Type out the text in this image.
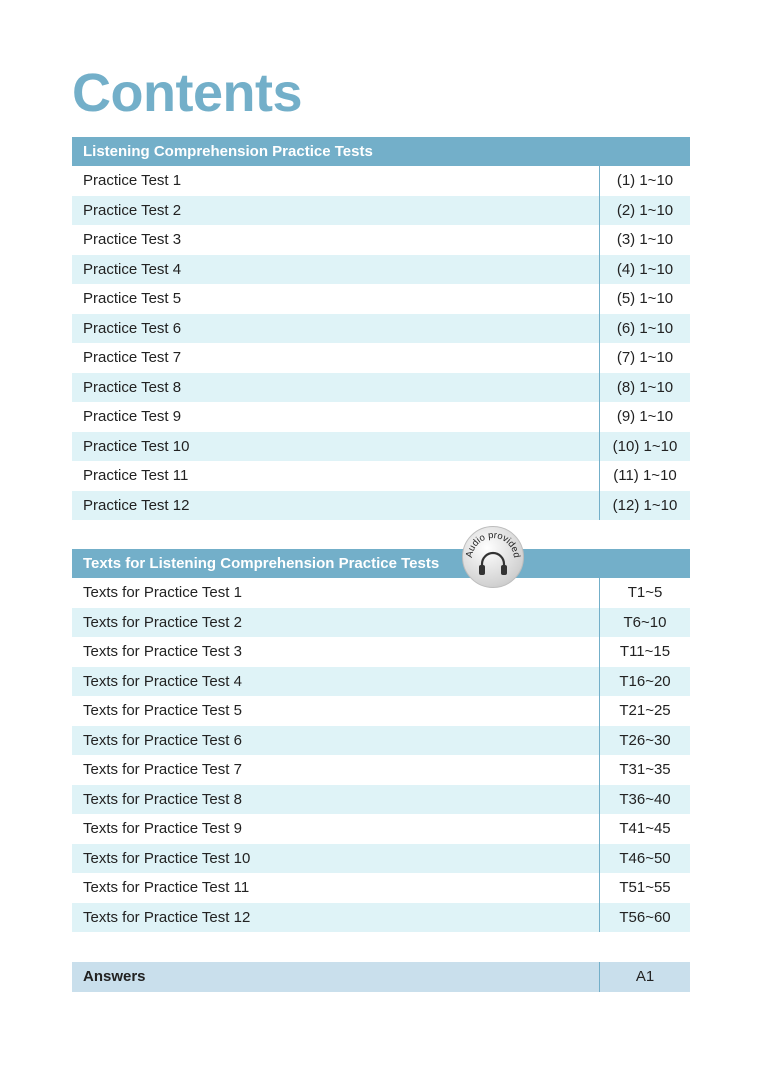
Contents
Listening Comprehension Practice Tests
Practice Test 1	(1) 1~10
Practice Test 2	(2) 1~10
Practice Test 3	(3) 1~10
Practice Test 4	(4) 1~10
Practice Test 5	(5) 1~10
Practice Test 6	(6) 1~10
Practice Test 7	(7) 1~10
Practice Test 8	(8) 1~10
Practice Test 9	(9) 1~10
Practice Test 10	(10) 1~10
Practice Test 11	(11) 1~10
Practice Test 12	(12) 1~10
Texts for Listening Comprehension Practice Tests
Texts for Practice Test 1	T1~5
Texts for Practice Test 2	T6~10
Texts for Practice Test 3	T11~15
Texts for Practice Test 4	T16~20
Texts for Practice Test 5	T21~25
Texts for Practice Test 6	T26~30
Texts for Practice Test 7	T31~35
Texts for Practice Test 8	T36~40
Texts for Practice Test 9	T41~45
Texts for Practice Test 10	T46~50
Texts for Practice Test 11	T51~55
Texts for Practice Test 12	T56~60
Audio provided
Answers	A1
